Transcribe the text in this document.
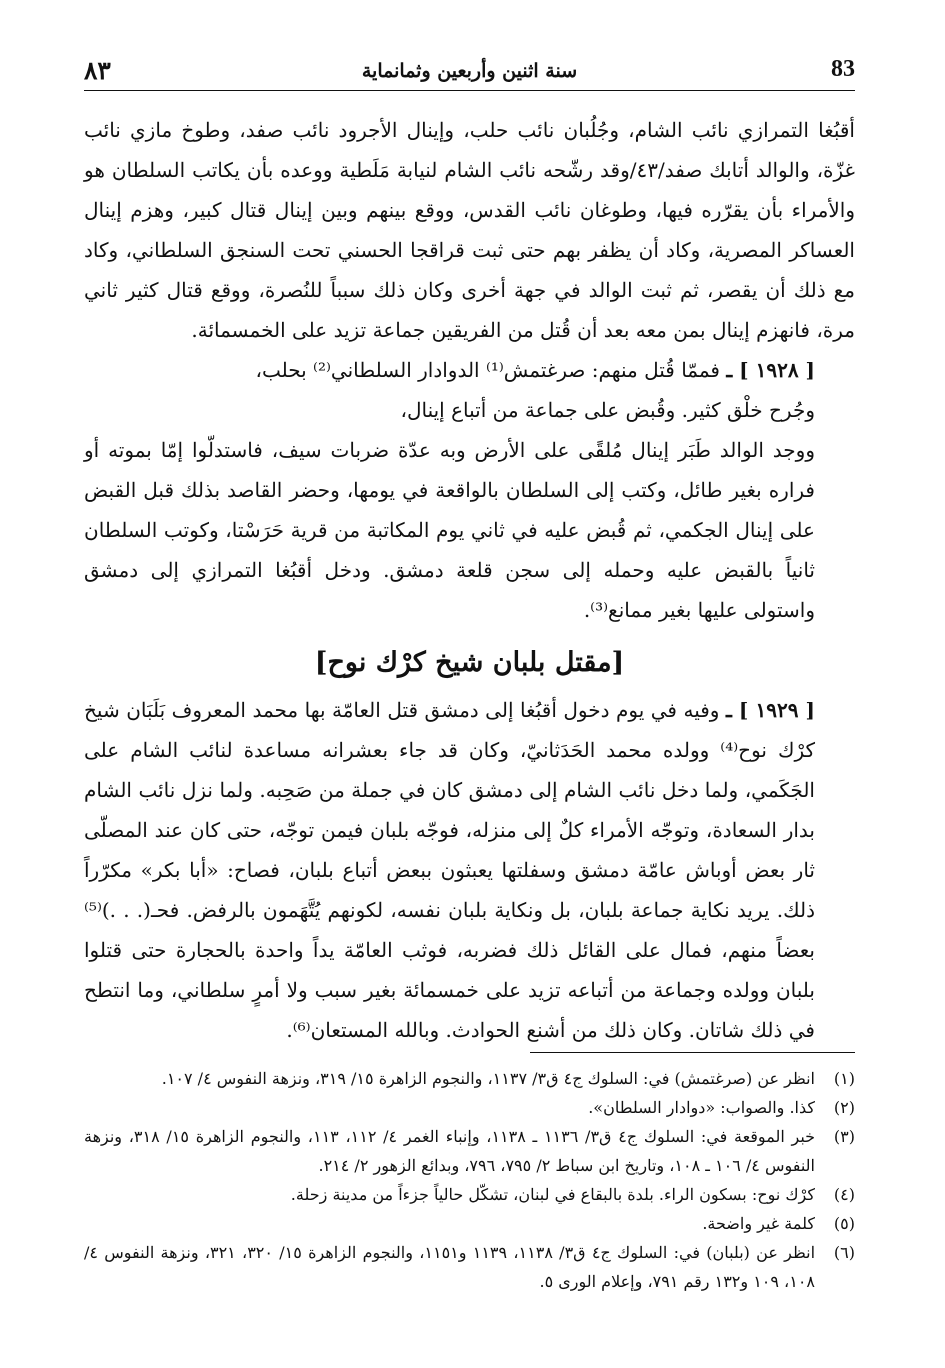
٨٣	سنة اثنين وأربعين وثمانماية	83

أقبُغا التمرازي نائب الشام، وجُلُبان نائب حلب، وإينال الأجرود نائب صفد، وطوخ مازي نائب غزّة، والوالد أتابك صفد/٤٣/وقد رشّحه نائب الشام لنيابة مَلَطية ووعده بأن يكاتب السلطان هو والأمراء بأن يقرّره فيها، وطوغان نائب القدس، ووقع بينهم وبين إينال قتال كبير، وهزم إينال العساكر المصرية، وكاد أن يظفر بهم حتى ثبت قراقجا الحسني تحت السنجق السلطاني، وكاد مع ذلك أن يقصر، ثم ثبت الوالد في جهة أخرى وكان ذلك سبباً للنُصرة، ووقع قتال كثير ثاني مرة، فانهزم إينال بمن معه بعد أن قُتل من الفريقين جماعة تزيد على الخمسمائة.

[ ١٩٢٨ ] ـ فممّا قُتل منهم: صرغتمش⁽¹⁾ الدوادار السلطاني⁽²⁾ بحلب،

وجُرح خلْق كثير. وقُبض على جماعة من أتباع إينال،

ووجد الوالد طَبَر إينال مُلقًى على الأرض وبه عدّة ضربات سيف، فاستدلّوا إمّا بموته أو فراره بغير طائل، وكتب إلى السلطان بالواقعة في يومها، وحضر القاصد بذلك قبل القبض على إينال الجكمي، ثم قُبض عليه في ثاني يوم المكاتبة من قرية حَرَسْتا، وكوتب السلطان ثانياً بالقبض عليه وحمله إلى سجن قلعة دمشق. ودخل أقبُغا التمرازي إلى دمشق واستولى عليها بغير ممانع⁽³⁾.

[مقتل بلبان شيخ كرْك نوح]

[ ١٩٢٩ ] ـ وفيه في يوم دخول أقبُغا إلى دمشق قتل العامّة بها محمد المعروف بَلَبَان شيخ كرْك نوح⁽⁴⁾ وولده محمد الحَدَثانيّ، وكان قد جاء بعشرانه مساعدة لنائب الشام على الجَكَمي، ولما دخل نائب الشام إلى دمشق كان في جملة من صَحِبه. ولما نزل نائب الشام بدار السعادة، وتوجّه الأمراء كلٌ إلى منزله، فوجّه بلبان فيمن توجّه، حتى كان عند المصلّى ثار بعض أوباش عامّة دمشق وسفلتها يعبثون ببعض أتباع بلبان، فصاح: «أبا بكر» مكرّراً ذلك. يريد نكاية جماعة بلبان، بل ونكاية بلبان نفسه، لكونهم يُتَّهَمون بالرفض. فحـ(. . .)⁽⁵⁾ بعضاً منهم، فمال على القائل ذلك فضربه، فوثب العامّة يداً واحدة بالحجارة حتى قتلوا بلبان وولده وجماعة من أتباعه تزيد على خمسمائة بغير سبب ولا أمرٍ سلطاني، وما انتطح في ذلك شاتان. وكان ذلك من أشنع الحوادث. وبالله المستعان⁽⁶⁾.

(١)
انظر عن (صرغتمش) في: السلوك ج٤ ق٣/ ١١٣٧، والنجوم الزاهرة ١٥/ ٣١٩، ونزهة النفوس ٤/ ١٠٧.
(٢)
كذا. والصواب: «دوادار السلطان».
(٣)
خبر الموقعة في: السلوك ج٤ ق٣/ ١١٣٦ ـ ١١٣٨، وإنباء الغمر ٤/ ١١٢، ١١٣، والنجوم الزاهرة ١٥/ ٣١٨، ونزهة النفوس ٤/ ١٠٦ ـ ١٠٨، وتاريخ ابن سباط ٢/ ٧٩٥، ٧٩٦، وبدائع الزهور ٢/ ٢١٤.
(٤)
كرْك نوح: بسكون الراء. بلدة بالبقاع في لبنان، تشكّل حالياً جزءاً من مدينة زحلة.
(٥)
كلمة غير واضحة.
(٦)
انظر عن (بلبان) في: السلوك ج٤ ق٣/ ١١٣٨، ١١٣٩ و١١٥١، والنجوم الزاهرة ١٥/ ٣٢٠، ٣٢١، ونزهة النفوس ٤/ ١٠٨، ١٠٩ و١٣٢ رقم ٧٩١، وإعلام الورى ٥.
